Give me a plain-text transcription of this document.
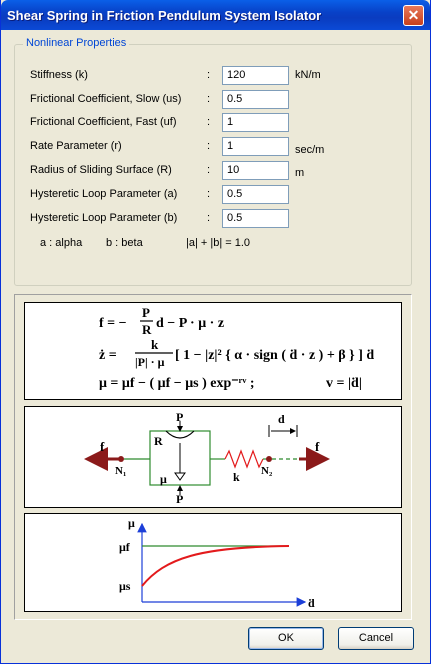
Shear Spring in Friction Pendulum System Isolator	✕
Nonlinear Properties
Stiffness (k)	:	120	kN/m
Frictional Coefficient, Slow (us) :	0.5
Frictional Coefficient, Fast (uf)	:	1
Rate Parameter (r)	:	1	sec/m
Radius of Sliding Surface (R)	:	10	m
Hysteretic Loop Parameter (a)	:	0.5
Hysteretic Loop Parameter (b)	:	0.5
a : alpha b : beta	|a| + |b| = 1.0
f = −
P
R d − P · μ · z
ż =
k
|P| · μ [ 1 − |z|² { α · sign ( ḋ · z ) + β } ] ḋ
μ = μf − ( μf − μs ) exp⁻ʳᵛ ;	v = |ḋ|
f
N₁
P
R
μ
P
k N₂
f
d
μ
ḋ
μf
μs
OK	Cancel
